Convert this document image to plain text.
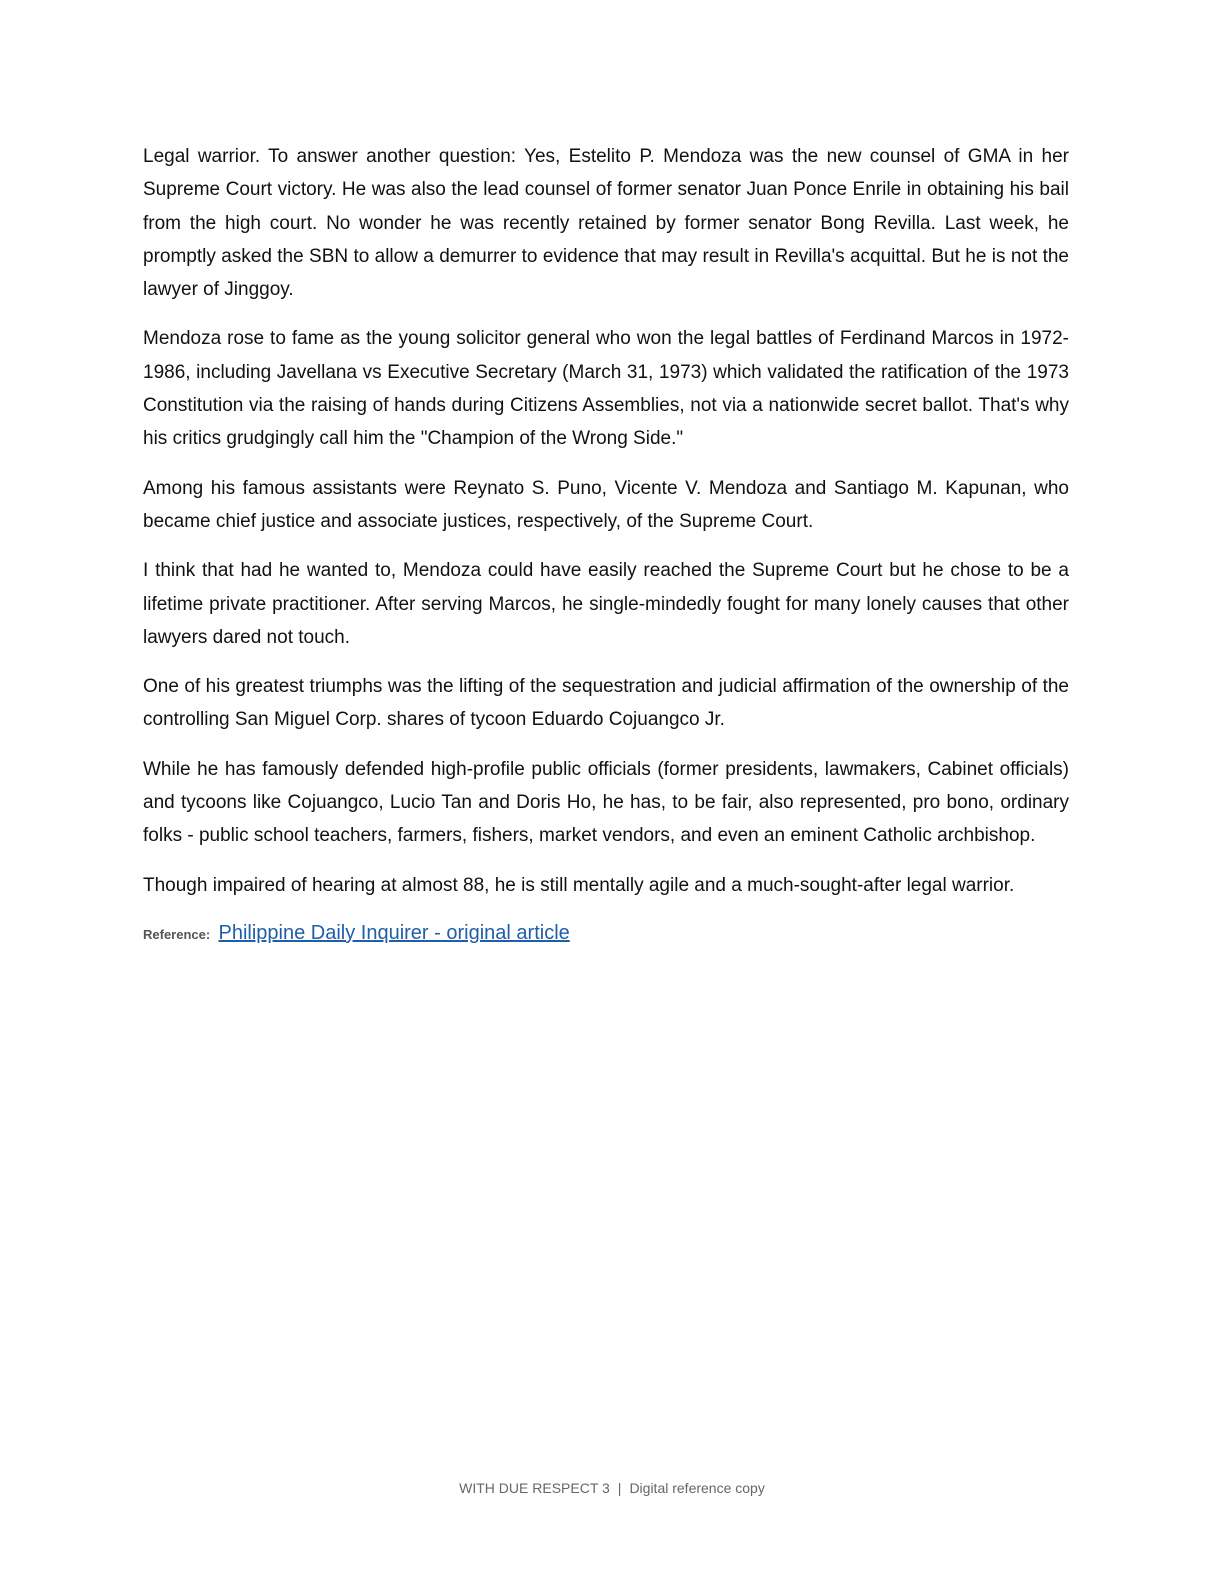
Legal warrior. To answer another question: Yes, Estelito P. Mendoza was the new counsel of GMA in her Supreme Court victory. He was also the lead counsel of former senator Juan Ponce Enrile in obtaining his bail from the high court. No wonder he was recently retained by former senator Bong Revilla. Last week, he promptly asked the SBN to allow a demurrer to evidence that may result in Revilla's acquittal. But he is not the lawyer of Jinggoy.

Mendoza rose to fame as the young solicitor general who won the legal battles of Ferdinand Marcos in 1972-1986, including Javellana vs Executive Secretary (March 31, 1973) which validated the ratification of the 1973 Constitution via the raising of hands during Citizens Assemblies, not via a nationwide secret ballot. That's why his critics grudgingly call him the "Champion of the Wrong Side."

Among his famous assistants were Reynato S. Puno, Vicente V. Mendoza and Santiago M. Kapunan, who became chief justice and associate justices, respectively, of the Supreme Court.

I think that had he wanted to, Mendoza could have easily reached the Supreme Court but he chose to be a lifetime private practitioner. After serving Marcos, he single-mindedly fought for many lonely causes that other lawyers dared not touch.

One of his greatest triumphs was the lifting of the sequestration and judicial affirmation of the ownership of the controlling San Miguel Corp. shares of tycoon Eduardo Cojuangco Jr.

While he has famously defended high-profile public officials (former presidents, lawmakers, Cabinet officials) and tycoons like Cojuangco, Lucio Tan and Doris Ho, he has, to be fair, also represented, pro bono, ordinary folks - public school teachers, farmers, fishers, market vendors, and even an eminent Catholic archbishop.

Though impaired of hearing at almost 88, he is still mentally agile and a much-sought-after legal warrior.

Reference: Philippine Daily Inquirer - original article
WITH DUE RESPECT 3 | Digital reference copy
